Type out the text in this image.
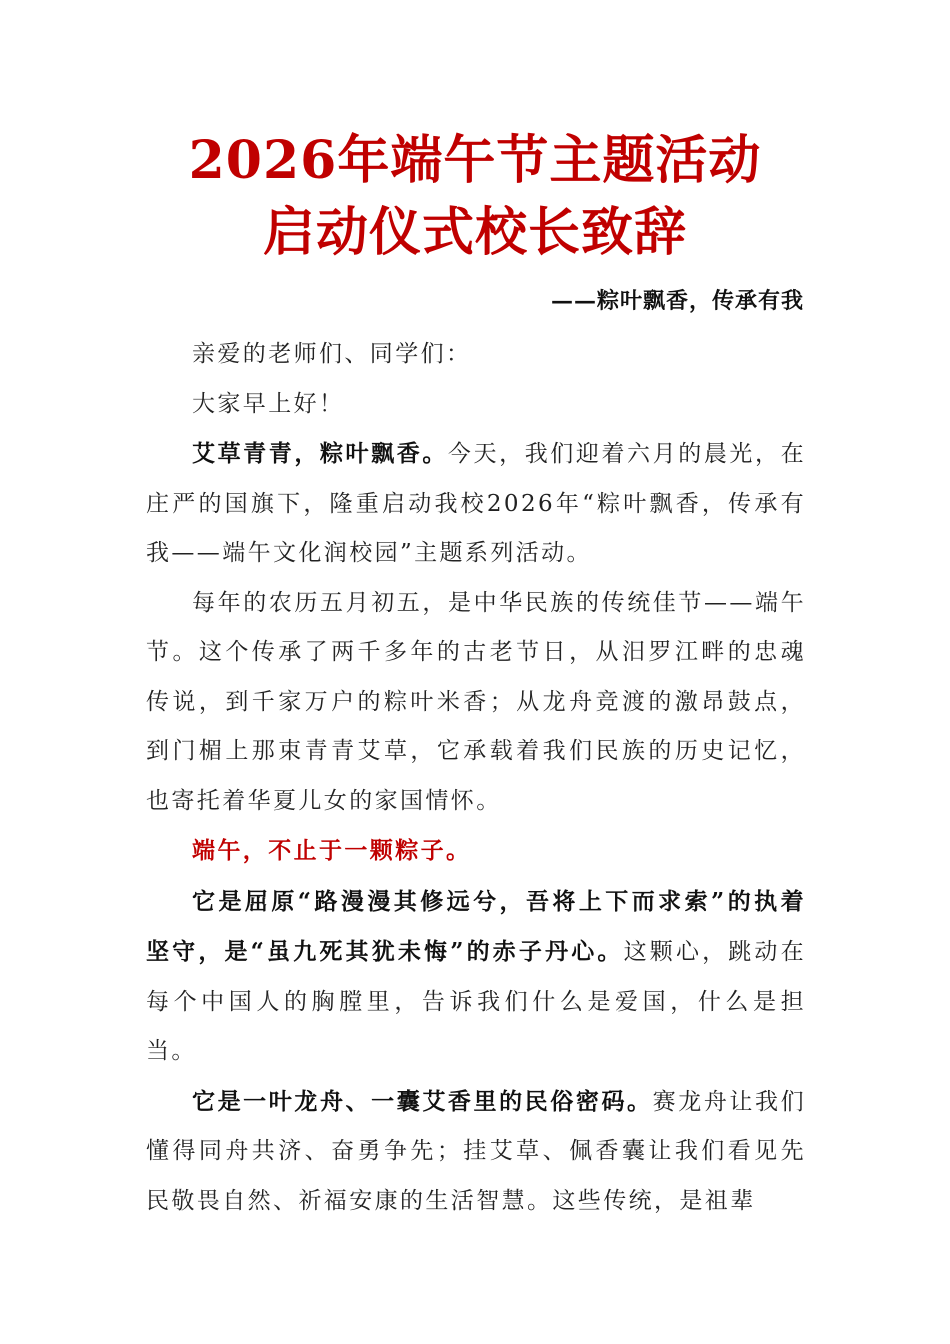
2026年端午节主题活动
启动仪式校长致辞
——粽叶飘香，传承有我

亲爱的老师们、同学们：

大家早上好！

艾草青青，粽叶飘香。今天，我们迎着六月的晨光，在庄严的国旗下，隆重启动我校2026年“粽叶飘香，传承有我——端午文化润校园”主题系列活动。

每年的农历五月初五，是中华民族的传统佳节——端午节。这个传承了两千多年的古老节日，从汨罗江畔的忠魂传说，到千家万户的粽叶米香；从龙舟竞渡的激昂鼓点，到门楣上那束青青艾草，它承载着我们民族的历史记忆，也寄托着华夏儿女的家国情怀。

端午，不止于一颗粽子。

它是屈原“路漫漫其修远兮，吾将上下而求索”的执着坚守，是“虽九死其犹未悔”的赤子丹心。这颗心，跳动在每个中国人的胸膛里，告诉我们什么是爱国，什么是担当。

它是一叶龙舟、一囊艾香里的民俗密码。赛龙舟让我们懂得同舟共济、奋勇争先；挂艾草、佩香囊让我们看见先民敬畏自然、祈福安康的生活智慧。这些传统，是祖辈
